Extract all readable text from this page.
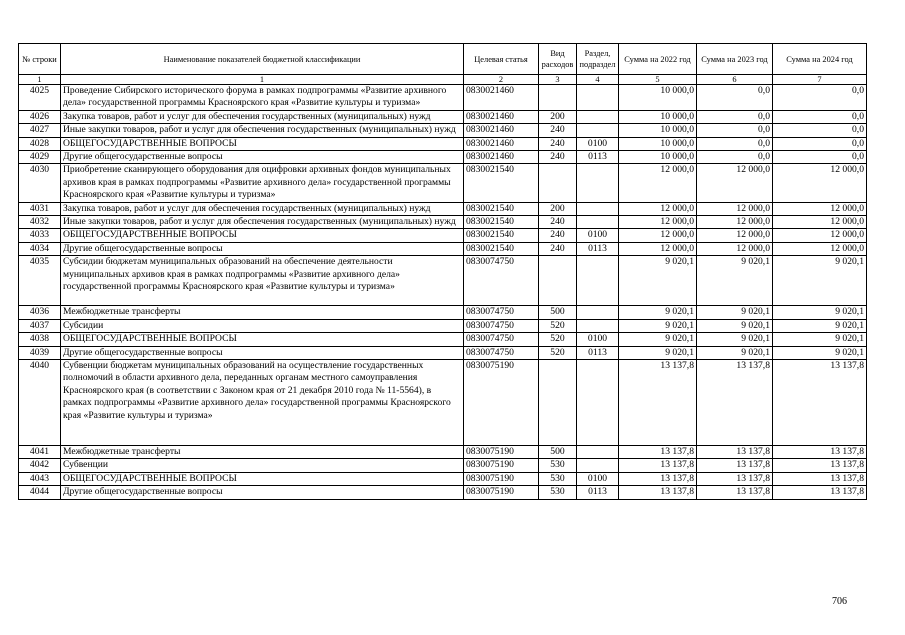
№ строки	Наименование показателей бюджетной классификации	Целевая статья	Вид расходов	Раздел, подраздел	Сумма на 2022 год	Сумма на 2023 год	Сумма на 2024 год
1	1	2	3	4	5	6	7
4025	Проведение Сибирского исторического форума в рамках подпрограммы «Развитие архивного дела» государственной программы Красноярского края «Развитие культуры и туризма»	0830021460			10 000,0	0,0	0,0
4026	Закупка товаров, работ и услуг для обеспечения государственных (муниципальных) нужд	0830021460	200		10 000,0	0,0	0,0
4027	Иные закупки товаров, работ и услуг для обеспечения государственных (муниципальных) нужд	0830021460	240		10 000,0	0,0	0,0
4028	ОБЩЕГОСУДАРСТВЕННЫЕ ВОПРОСЫ	0830021460	240	0100	10 000,0	0,0	0,0
4029	Другие общегосударственные вопросы	0830021460	240	0113	10 000,0	0,0	0,0
4030	Приобретение сканирующего оборудования для оцифровки архивных фондов муниципальных архивов края в рамках подпрограммы «Развитие архивного дела» государственной программы Красноярского края «Развитие культуры и туризма»	0830021540			12 000,0	12 000,0	12 000,0
4031	Закупка товаров, работ и услуг для обеспечения государственных (муниципальных) нужд	0830021540	200		12 000,0	12 000,0	12 000,0
4032	Иные закупки товаров, работ и услуг для обеспечения государственных (муниципальных) нужд	0830021540	240		12 000,0	12 000,0	12 000,0
4033	ОБЩЕГОСУДАРСТВЕННЫЕ ВОПРОСЫ	0830021540	240	0100	12 000,0	12 000,0	12 000,0
4034	Другие общегосударственные вопросы	0830021540	240	0113	12 000,0	12 000,0	12 000,0
4035	Субсидии бюджетам муниципальных образований на обеспечение деятельности муниципальных архивов края в рамках подпрограммы «Развитие архивного дела» государственной программы Красноярского края «Развитие культуры и туризма»	0830074750			9 020,1	9 020,1	9 020,1
4036	Межбюджетные трансферты	0830074750	500		9 020,1	9 020,1	9 020,1
4037	Субсидии	0830074750	520		9 020,1	9 020,1	9 020,1
4038	ОБЩЕГОСУДАРСТВЕННЫЕ ВОПРОСЫ	0830074750	520	0100	9 020,1	9 020,1	9 020,1
4039	Другие общегосударственные вопросы	0830074750	520	0113	9 020,1	9 020,1	9 020,1
4040	Субвенции бюджетам муниципальных образований на осуществление государственных полномочий в области архивного дела, переданных органам местного самоуправления Красноярского края (в соответствии с Законом края от 21 декабря 2010 года № 11-5564), в рамках подпрограммы «Развитие архивного дела» государственной программы Красноярского края «Развитие культуры и туризма»	0830075190			13 137,8	13 137,8	13 137,8
4041	Межбюджетные трансферты	0830075190	500		13 137,8	13 137,8	13 137,8
4042	Субвенции	0830075190	530		13 137,8	13 137,8	13 137,8
4043	ОБЩЕГОСУДАРСТВЕННЫЕ ВОПРОСЫ	0830075190	530	0100	13 137,8	13 137,8	13 137,8
4044	Другие общегосударственные вопросы	0830075190	530	0113	13 137,8	13 137,8	13 137,8
706
